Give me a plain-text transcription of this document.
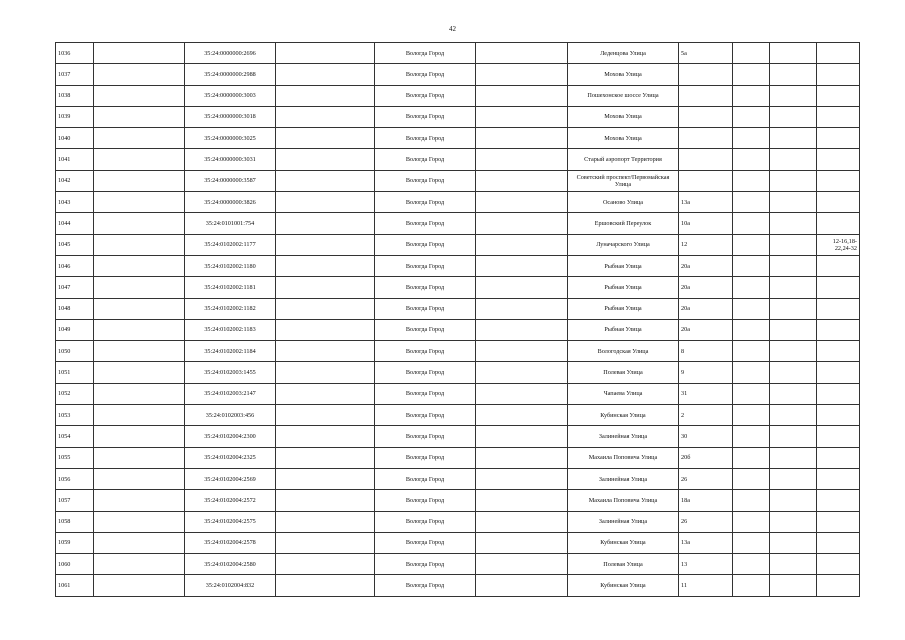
42
1036		35:24:0000000:2696		Вологда Город		Леденцова Улица	5а			
1037		35:24:0000000:2988		Вологда Город		Мохова Улица				
1038		35:24:0000000:3003		Вологда Город		Пошехонское шоссе Улица				
1039		35:24:0000000:3018		Вологда Город		Мохова Улица				
1040		35:24:0000000:3025		Вологда Город		Мохова Улица				
1041		35:24:0000000:3031		Вологда Город		Старый аэропорт Территория				
1042		35:24:0000000:3587		Вологда Город		Советский проспект/Первомайская Улица				
1043		35:24:0000000:3826		Вологда Город		Осаново Улица	13а			
1044		35:24:0101001:754		Вологда Город		Ершовский Переулок	10а			
1045		35:24:0102002:1177		Вологда Город		Луначарского Улица	12			12-16,18-22,24-32
1046		35:24:0102002:1180		Вологда Город		Рыбная Улица	20а			
1047		35:24:0102002:1181		Вологда Город		Рыбная Улица	20а			
1048		35:24:0102002:1182		Вологда Город		Рыбная Улица	20а			
1049		35:24:0102002:1183		Вологда Город		Рыбная Улица	20а			
1050		35:24:0102002:1184		Вологда Город		Вологодская Улица	8			
1051		35:24:0102003:1455		Вологда Город		Полевая Улица	9			
1052		35:24:0102003:2147		Вологда Город		Чапаева Улица	31			
1053		35:24:0102003:456		Вологда Город		Кубинская Улица	2			
1054		35:24:0102004:2300		Вологда Город		Залинейная Улица	30			
1055		35:24:0102004:2325		Вологда Город		Махаила Поповича Улица	20б			
1056		35:24:0102004:2569		Вологда Город		Залинейная Улица	26			
1057		35:24:0102004:2572		Вологда Город		Махаила Поповича Улица	18а			
1058		35:24:0102004:2575		Вологда Город		Залинейная Улица	26			
1059		35:24:0102004:2578		Вологда Город		Кубинская Улица	13а			
1060		35:24:0102004:2580		Вологда Город		Полевая Улица	13			
1061		35:24:0102004:832		Вологда Город		Кубинская Улица	11			
